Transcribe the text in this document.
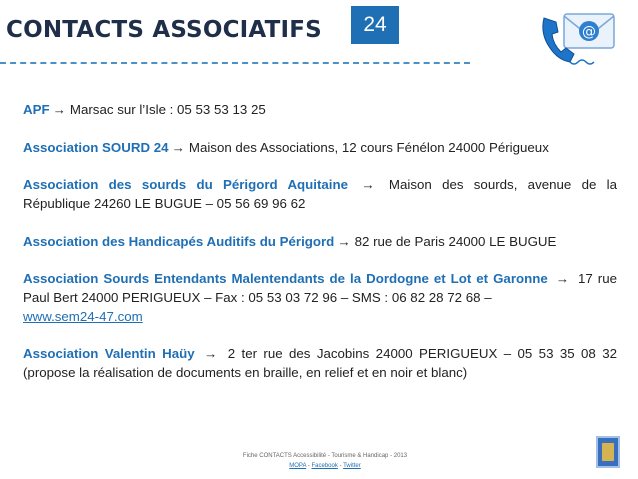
CONTACTS ASSOCIATIFS	24	@
APF → Marsac sur l’Isle : 05 53 53 13 25
Association SOURD 24 → Maison des Associations, 12 cours Fénélon 24000 Périgueux
Association des sourds du Périgord Aquitaine → Maison des sourds, avenue de la
République 24260 LE BUGUE – 05 56 69 96 62
Association des Handicapés Auditifs du Périgord → 82 rue de Paris 24000 LE BUGUE
Association Sourds Entendants Malentendants de la Dordogne et Lot et Garonne → 17 rue
Paul Bert 24000 PERIGUEUX – Fax : 05 53 03 72 96 – SMS : 06 82 28 72 68 –
www.sem24-47.com
Association Valentin Haüy → 2 ter rue des Jacobins 24000 PERIGUEUX – 05 53 35 08 32
(propose la réalisation de documents en braille, en relief et en noir et blanc)
Fiche CONTACTS Accessibilité - Tourisme & Handicap - 2013
MOPA - Facebook - Twitter
